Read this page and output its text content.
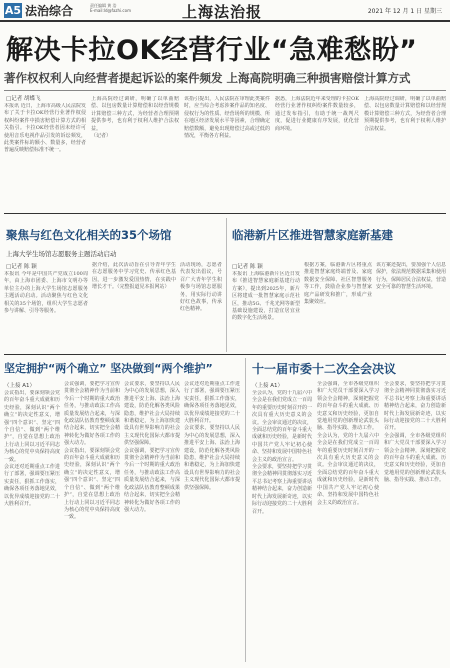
A5 法治综合	责任编辑 黄 浩
E-mail:ld@fazhi.com	上海法治报	2021 年 12 月 1 日 星期三
解决卡拉OK经营行业“急难愁盼”
著作权权利人向经营者提起诉讼的案件频发 上海高院明确三种损害赔偿计算方式
□记者 胡蝶飞

本报讯 近日，上海市高级人民法院发布了关于卡拉OK经营行业著作权侵权纠纷案件中损害赔偿计算方式的相关指引。卡拉OK经营者因未经许可使用音乐电视作品引发的诉讼频发，此类案件标的额小、数量多，经营者普遍反映赔偿标准不统一。

上海高院经过调研，明确了以单曲赔偿、以包房数量计算赔偿和以经营规模计算赔偿三种方式，为经营者合理预期提供参考，也有利于权利人维护合法权益。

（记者）

该指引提出，人民法院在审理此类案件时，应当综合考虑涉案作品的知名度、侵权行为的性质、经营场所的规模、所在地区经济发展水平等因素，合理确定赔偿数额，避免出现赔偿过高或过低的情况，平衡各方利益。

据悉，上海法院近年来受理的卡拉OK经营行业著作权纠纷案件数量较多，通过发布指引，有助于统一裁判尺度，促进行业健康有序发展，优化营商环境。

上海高院经过调研，明确了以单曲赔偿、以包房数量计算赔偿和以经营规模计算赔偿三种方式，为经营者合理预期提供参考，也有利于权利人维护合法权益。

聚焦与红色文化相关的35个场馆
上海大学生场馆志愿服务主题活动启动
□记者 陈 颖

本报讯 今年是中国共产党成立100周年，由上海市团委、上海市文明办等单位主办的上海大学生场馆志愿服务主题活动启动。活动聚焦与红色文化相关的35个场馆，组织大学生志愿者参与讲解、引导等服务。

据介绍，此次活动旨在引导青年学生在志愿服务中学习党史、传承红色基因，进一步激发爱国热情，在实践中增长才干。（完整报道见本报网站）

活动现场，志愿者代表发出倡议，号召广大青年学生积极参与场馆志愿服务，用实际行动讲好红色故事，传承红色精神。

临港新片区推进智慧家庭新基建
□记者 陈 颖

本报讯 上海临港新片区近日发布《推进智慧家庭新基建行动方案》，提出到2025年，新片区将建成一批智慧家庭示范社区，推动5G、千兆光网等新型基础设施建设，打造宜居宜业的数字化生活场景。

根据方案，临港新片区将重点推进智慧家庭终端普及、家庭数据安全保障、社区智慧服务等工作，鼓励企业参与智慧家庭产品研发和推广，形成产业集聚效应。

该方案还提出，要加强个人信息保护，依法规范数据采集和使用行为，保障居民合法权益，营造安全可靠的智慧生活环境。

坚定拥护“两个确立” 坚决做到“两个维护”
（上接 A1）

会议指出，要深刻领会党的百年奋斗重大成就和历史经验，深刻认识“两个确立”的决定性意义，增强“四个意识”、坚定“四个自信”、做到“两个维护”，自觉在思想上政治上行动上同以习近平同志为核心的党中央保持高度一致。

会议还对近期重点工作进行了部署，强调要压紧压实责任，狠抓工作落实，确保各项任务落地见效，以优异成绩迎接党的二十大胜利召开。

会议强调，要把学习宣传贯彻全会精神作为当前和今后一个时期的重大政治任务，与推动政法工作高质量发展结合起来，与深化政法队伍教育整顿成果结合起来，切实把全会精神转化为做好各项工作的强大动力。

会议指出，要深刻领会党的百年奋斗重大成就和历史经验，深刻认识“两个确立”的决定性意义，增强“四个意识”、坚定“四个自信”、做到“两个维护”，自觉在思想上政治上行动上同以习近平同志为核心的党中央保持高度一致。

会议要求，要坚持以人民为中心的发展思想，深入推进平安上海、法治上海建设，防范化解各类风险隐患，维护社会大局持续和谐稳定，为上海加快建设具有世界影响力的社会主义现代化国际大都市提供坚强保障。

会议强调，要把学习宣传贯彻全会精神作为当前和今后一个时期的重大政治任务，与推动政法工作高质量发展结合起来，与深化政法队伍教育整顿成果结合起来，切实把全会精神转化为做好各项工作的强大动力。

会议还对近期重点工作进行了部署，强调要压紧压实责任，狠抓工作落实，确保各项任务落地见效，以优异成绩迎接党的二十大胜利召开。

会议要求，要坚持以人民为中心的发展思想，深入推进平安上海、法治上海建设，防范化解各类风险隐患，维护社会大局持续和谐稳定，为上海加快建设具有世界影响力的社会主义现代化国际大都市提供坚强保障。

十一届市委十二次全会决议
（上接 A1）

全会认为，党的十九届六中全会是在我们党成立一百周年的重要历史时刻召开的一次具有重大历史意义的会议。全会审议通过的决议，全面总结党的百年奋斗重大成就和历史经验，是新时代中国共产党人牢记初心使命、坚持和发展中国特色社会主义的政治宣言。

全会要求，要坚持把学习贯彻全会精神同贯彻落实习近平总书记考察上海重要讲话精神结合起来，奋力创造新时代上海发展新奇迹，以实际行动迎接党的二十大胜利召开。

全会强调，全市各级党组织和广大党员干部要深入学习领会全会精神，深刻把握党的百年奋斗的重大成就、历史意义和历史经验，更加自觉地用党的创新理论武装头脑、指导实践、推动工作。

全会认为，党的十九届六中全会是在我们党成立一百周年的重要历史时刻召开的一次具有重大历史意义的会议。全会审议通过的决议，全面总结党的百年奋斗重大成就和历史经验，是新时代中国共产党人牢记初心使命、坚持和发展中国特色社会主义的政治宣言。

全会要求，要坚持把学习贯彻全会精神同贯彻落实习近平总书记考察上海重要讲话精神结合起来，奋力创造新时代上海发展新奇迹，以实际行动迎接党的二十大胜利召开。

全会强调，全市各级党组织和广大党员干部要深入学习领会全会精神，深刻把握党的百年奋斗的重大成就、历史意义和历史经验，更加自觉地用党的创新理论武装头脑、指导实践、推动工作。
